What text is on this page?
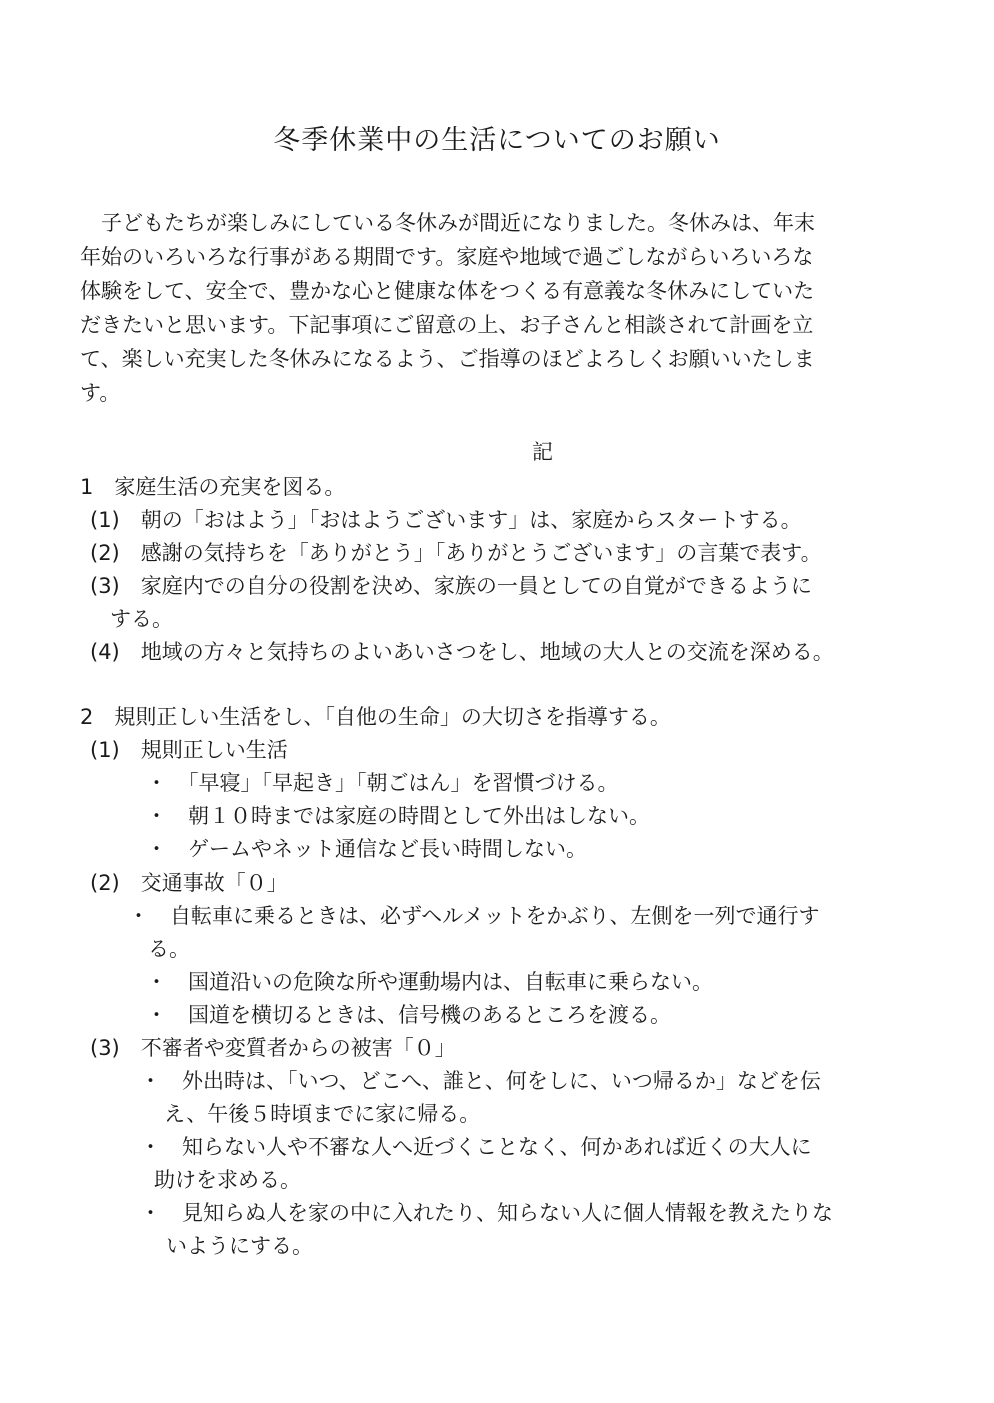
冬季休業中の生活についてのお願い
　子どもたちが楽しみにしている冬休みが間近になりました。冬休みは、年末
年始のいろいろな行事がある期間です。家庭や地域で過ごしながらいろいろな
体験をして、安全で、豊かな心と健康な体をつくる有意義な冬休みにしていた
だきたいと思います。下記事項にご留意の上、お子さんと相談されて計画を立
て、楽しい充実した冬休みになるよう、ご指導のほどよろしくお願いいたしま
す。
記
1　家庭生活の充実を図る。
(1)　朝の「おはよう」「おはようございます」は、家庭からスタートする。
(2)　感謝の気持ちを「ありがとう」「ありがとうございます」の言葉で表す。
(3)　家庭内での自分の役割を決め、家族の一員としての自覚ができるように
する。
(4)　地域の方々と気持ちのよいあいさつをし、地域の大人との交流を深める。
2　規則正しい生活をし、「自他の生命」の大切さを指導する。
(1)　規則正しい生活
・　「早寝」「早起き」「朝ごはん」を習慣づける。
・　朝１０時までは家庭の時間として外出はしない。
・　ゲームやネット通信など長い時間しない。
(2)　交通事故「０」
・　自転車に乗るときは、必ずヘルメットをかぶり、左側を一列で通行す
る。
・　国道沿いの危険な所や運動場内は、自転車に乗らない。
・　国道を横切るときは、信号機のあるところを渡る。
(3)　不審者や変質者からの被害「０」
・　外出時は、「いつ、どこへ、誰と、何をしに、いつ帰るか」などを伝
え、午後５時頃までに家に帰る。
・　知らない人や不審な人へ近づくことなく、何かあれば近くの大人に
助けを求める。
・　見知らぬ人を家の中に入れたり、知らない人に個人情報を教えたりな
いようにする。
